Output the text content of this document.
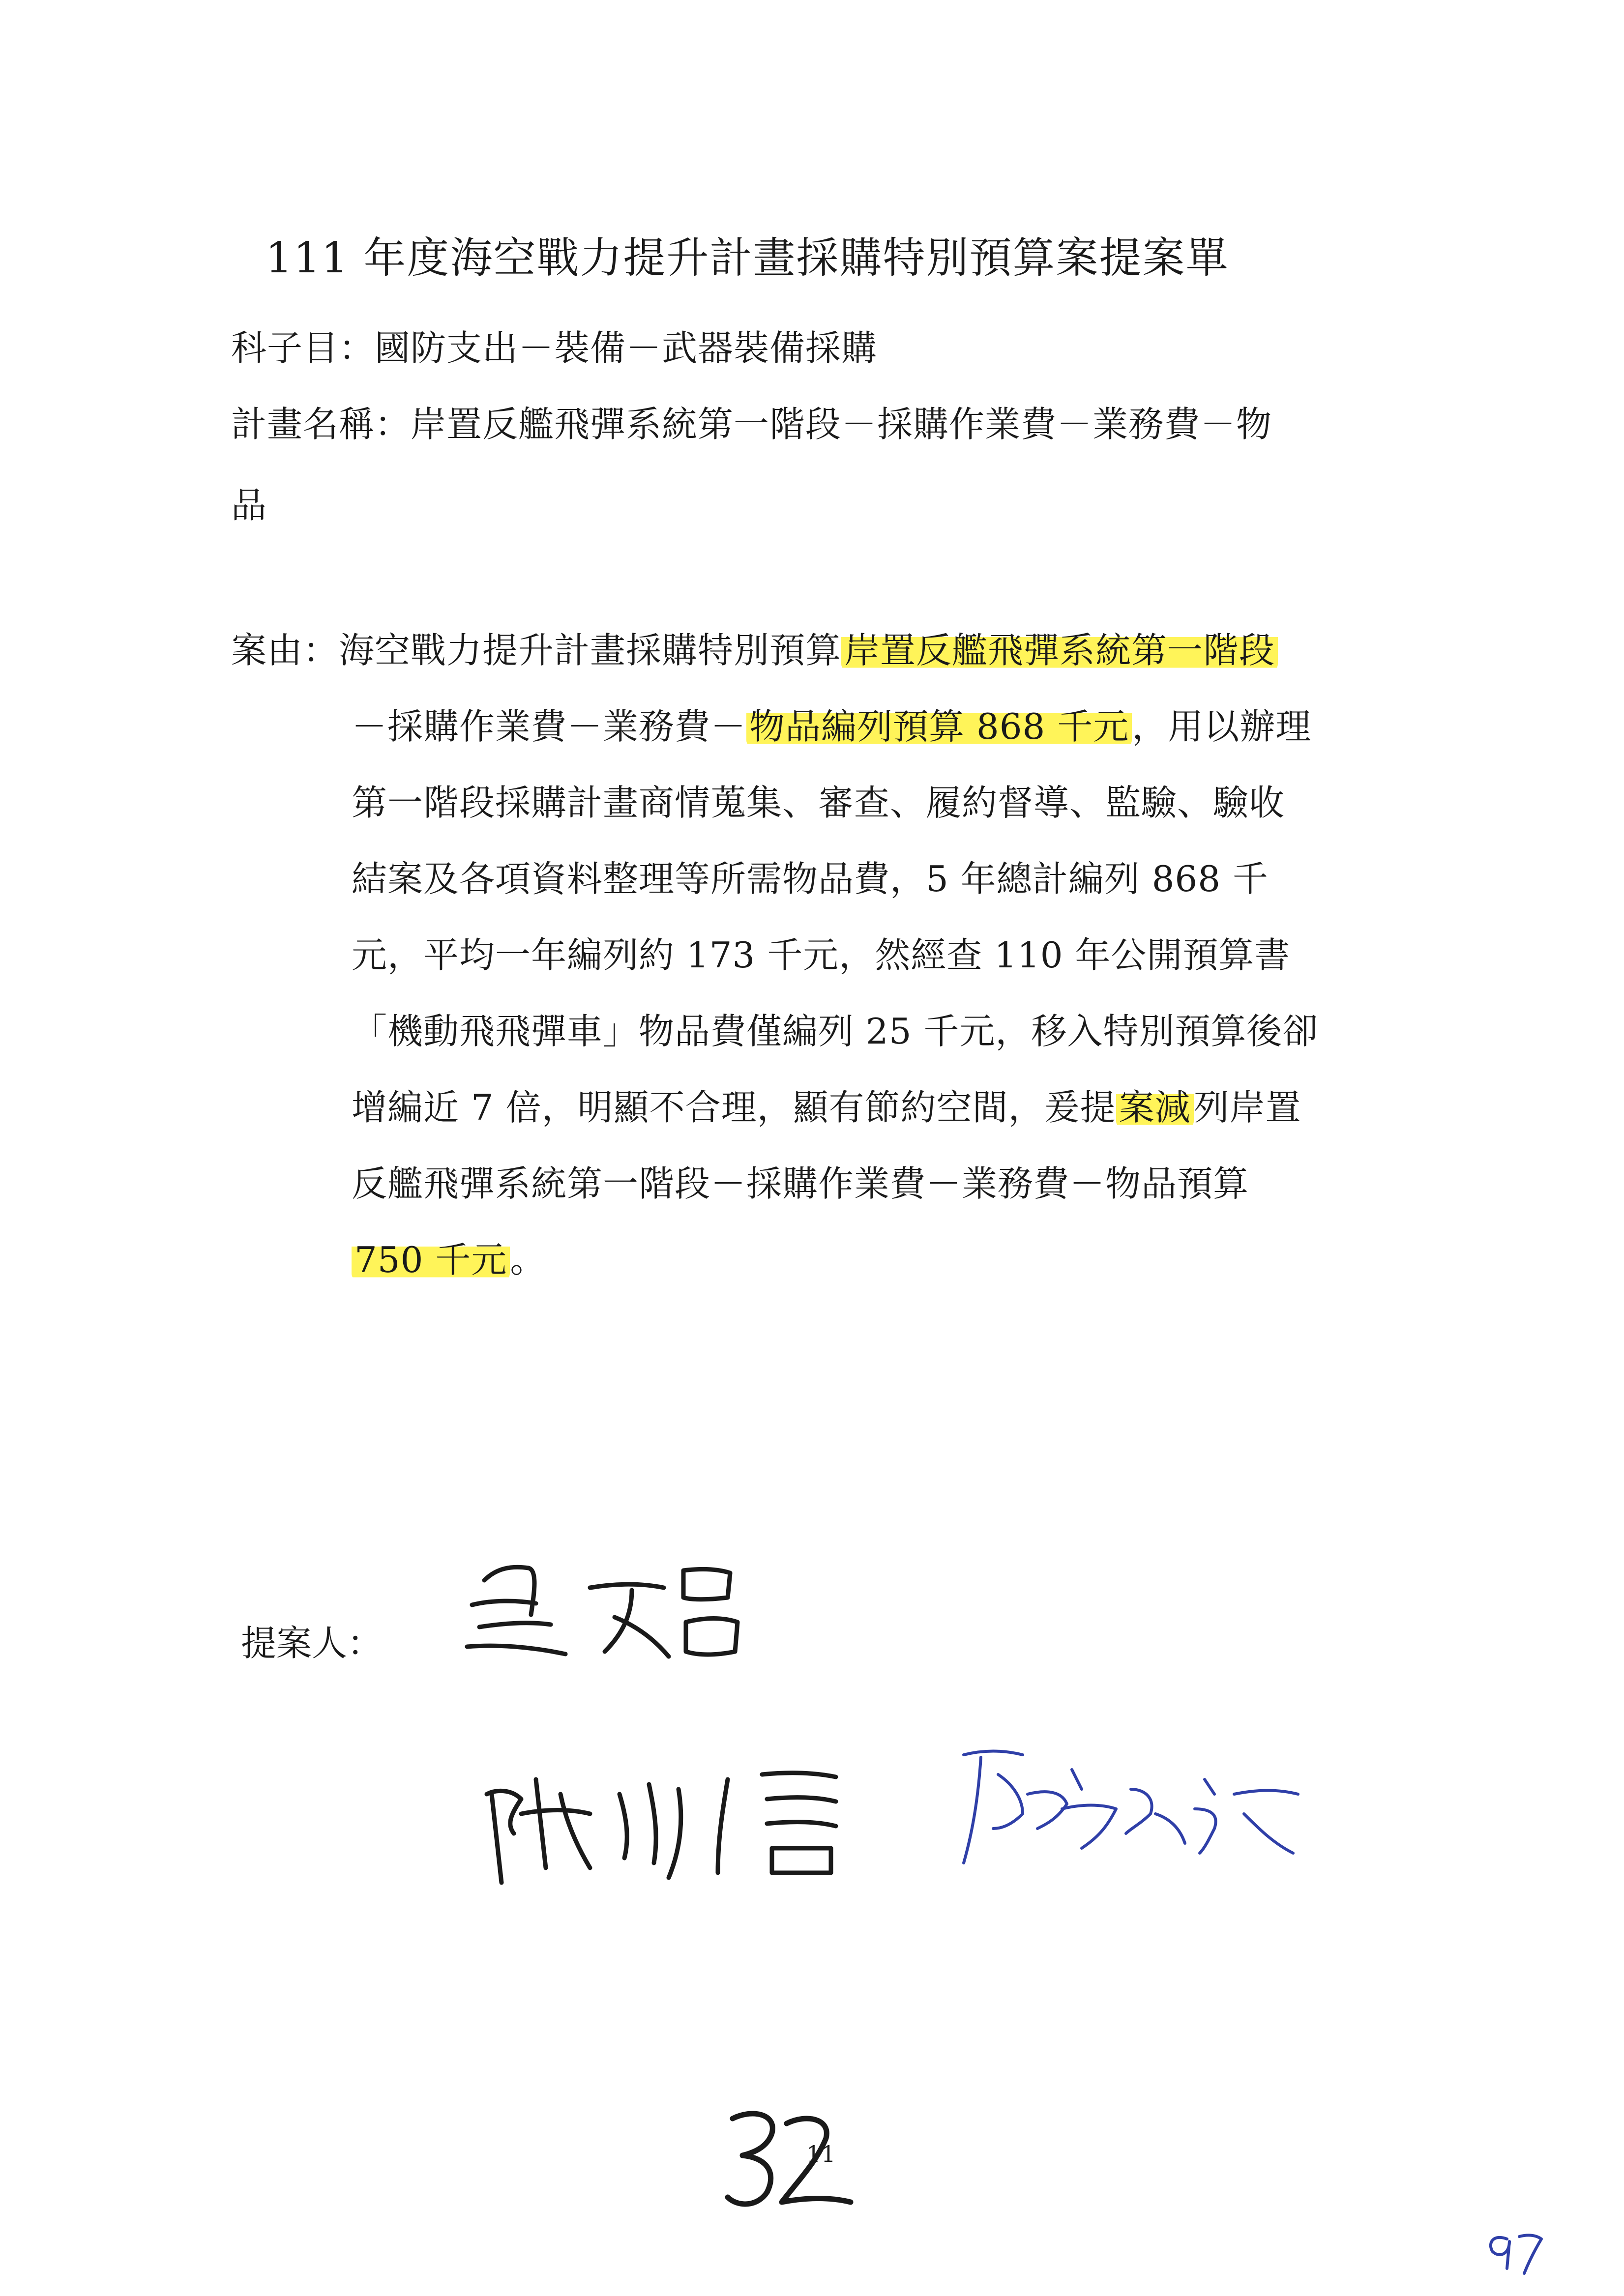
111 年度海空戰力提升計畫採購特別預算案提案單
科子目：國防支出－裝備－武器裝備採購
計畫名稱：岸置反艦飛彈系統第一階段－採購作業費－業務費－物
品
案由：海空戰力提升計畫採購特別預算岸置反艦飛彈系統第一階段
－採購作業費－業務費－物品編列預算 868 千元，用以辦理
第一階段採購計畫商情蒐集、審查、履約督導、監驗、驗收
結案及各項資料整理等所需物品費，5 年總計編列 868 千
元，平均一年編列約 173 千元，然經查 110 年公開預算書
「機動飛飛彈車」物品費僅編列 25 千元，移入特別預算後卻
增編近 7 倍，明顯不合理，顯有節約空間，爰提案減列岸置
反艦飛彈系統第一階段－採購作業費－業務費－物品預算
750 千元。
提案人：
11
